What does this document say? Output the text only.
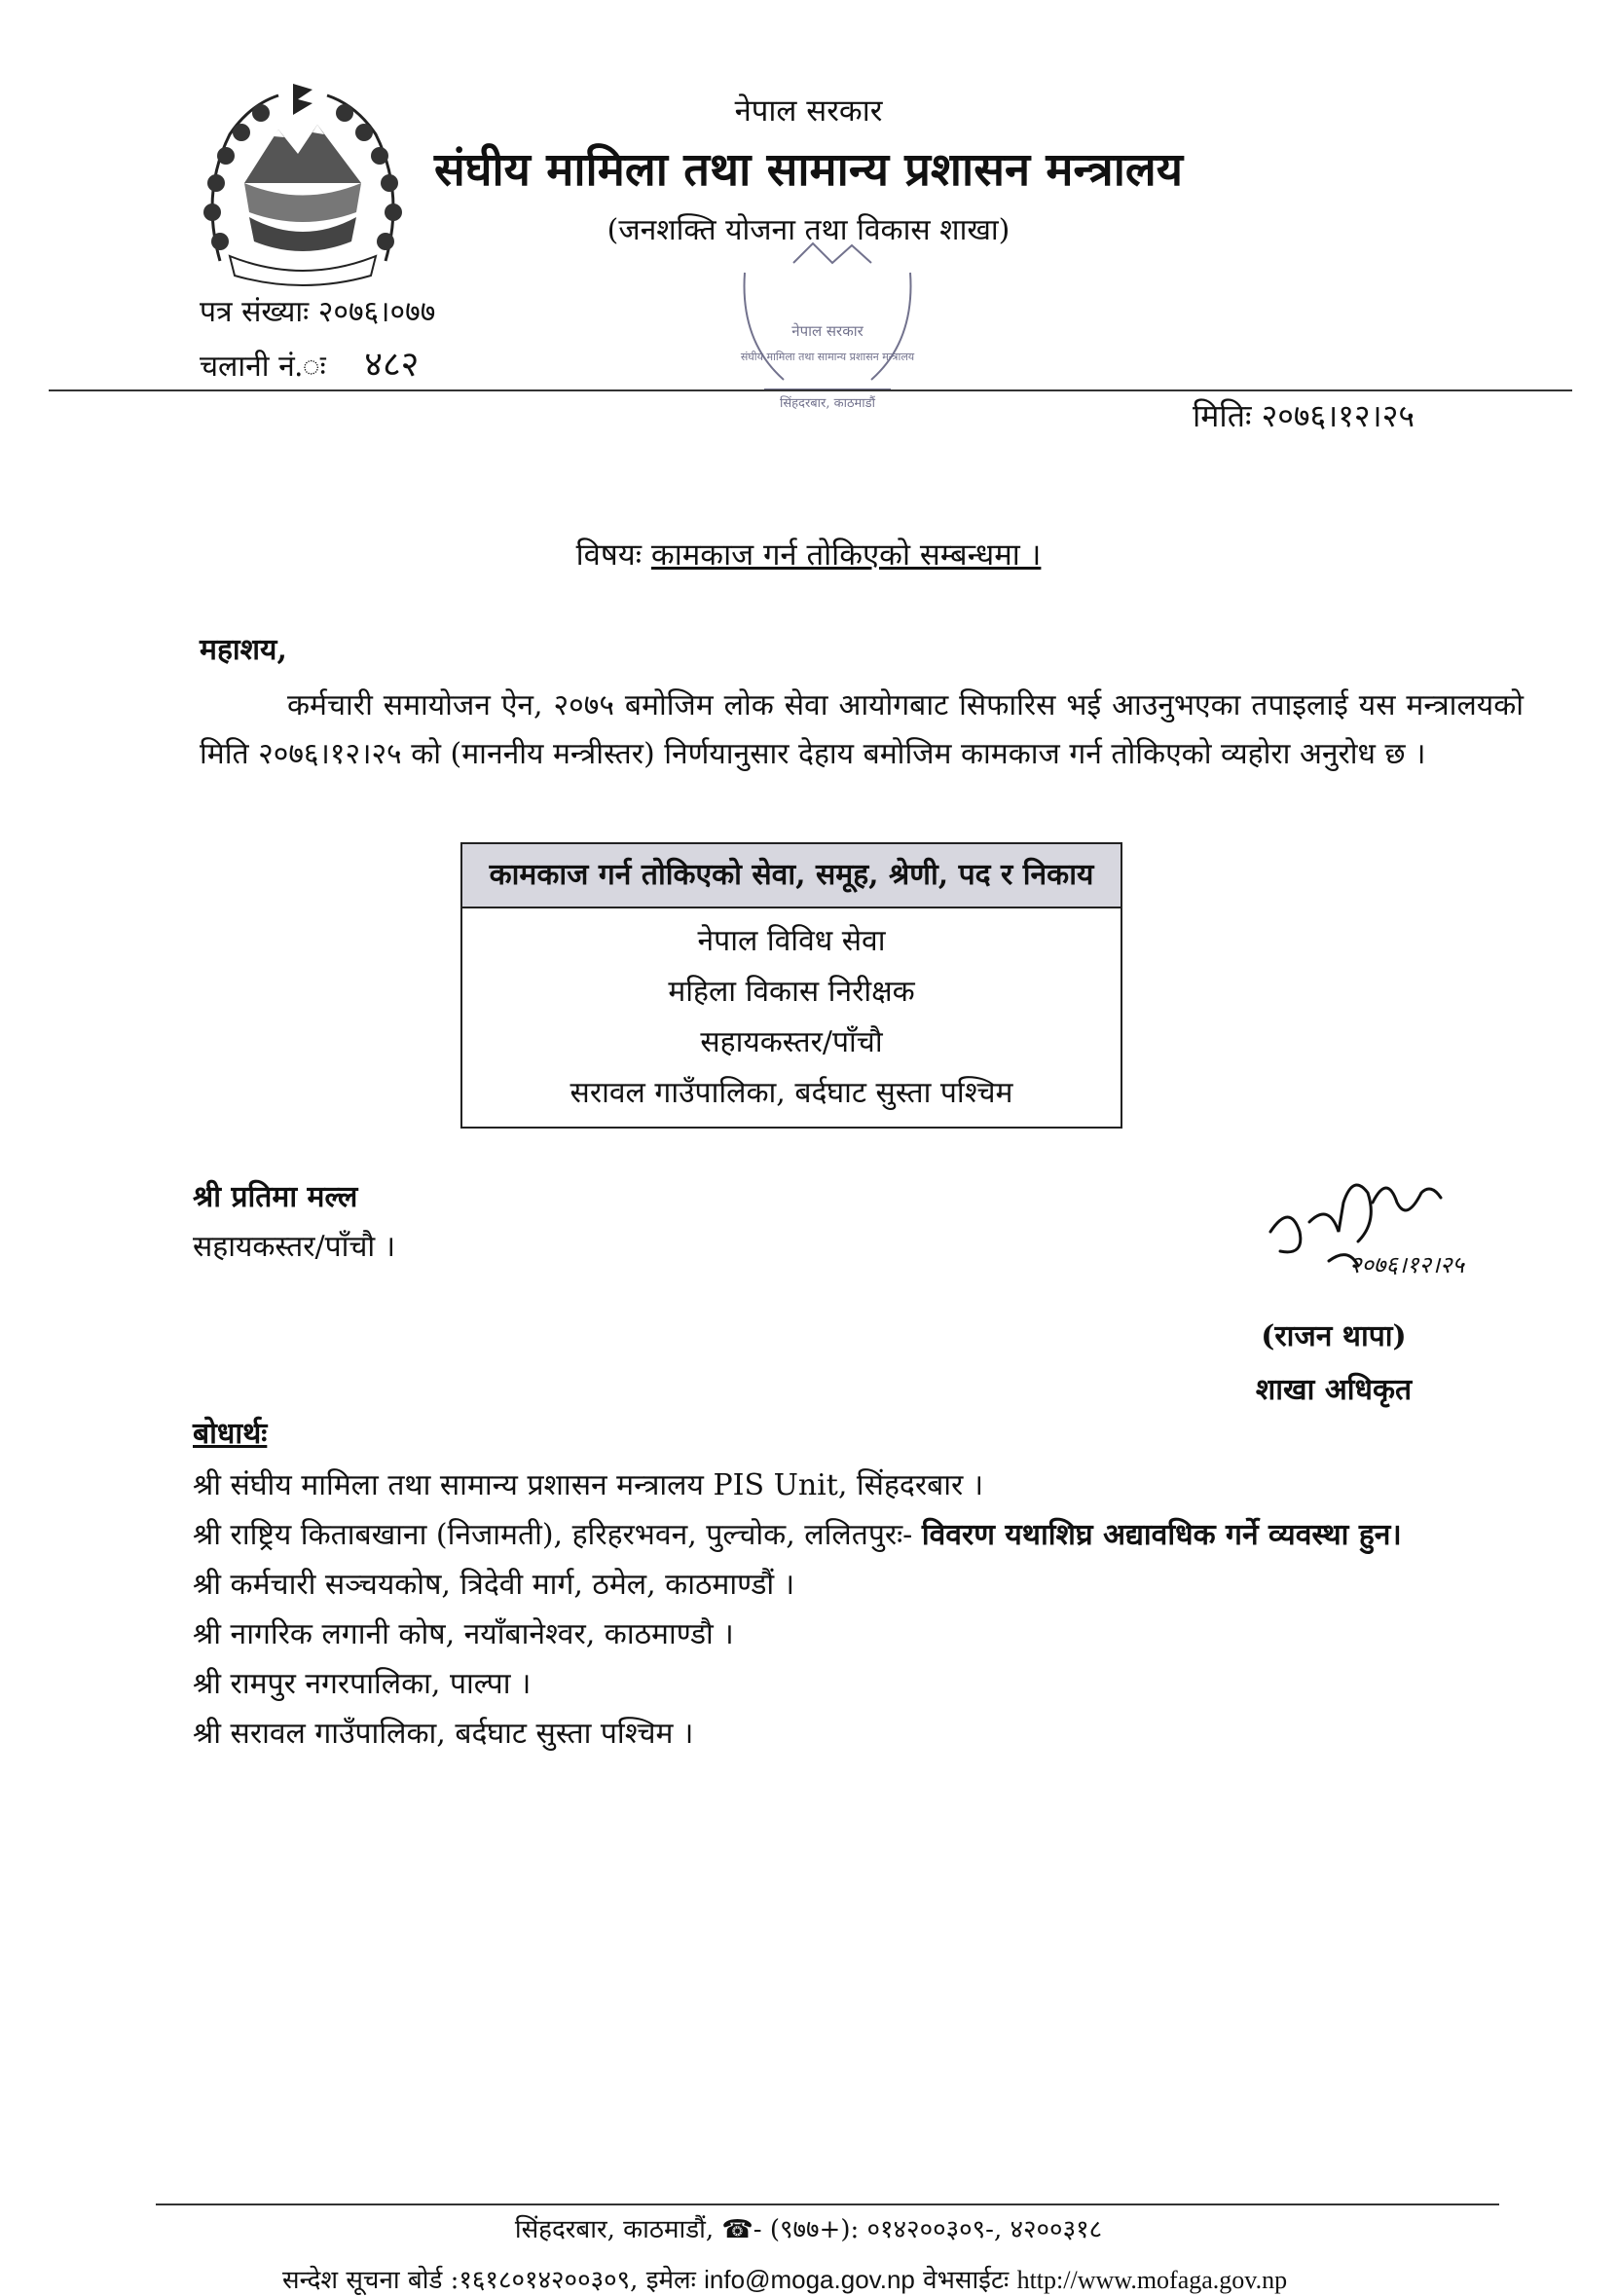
नेपाल सरकार
संघीय मामिला तथा सामान्य प्रशासन मन्त्रालय
(जनशक्ति योजना तथा विकास शाखा)
नेपाल सरकार
संघीय मामिला तथा सामान्य प्रशासन मन्त्रालय
सिंहदरबार, काठमाडौं
पत्र संख्याः २०७६।०७७
चलानी नं.ः ४८२
मितिः २०७६।१२।२५
विषयः कामकाज गर्न तोकिएको सम्बन्धमा ।
महाशय,
कर्मचारी समायोजन ऐन, २०७५ बमोजिम लोक सेवा आयोगबाट सिफारिस भई आउनुभएका तपाइलाई यस मन्त्रालयको मिति २०७६।१२।२५ को (माननीय मन्त्रीस्तर) निर्णयानुसार देहाय बमोजिम कामकाज गर्न तोकिएको व्यहोरा अनुरोध छ ।
कामकाज गर्न तोकिएको सेवा, समूह, श्रेणी, पद र निकाय
नेपाल विविध सेवा
महिला विकास निरीक्षक
सहायकस्तर/पाँचौ
सरावल गाउँपालिका, बर्दघाट सुस्ता पश्चिम
श्री प्रतिमा मल्ल
सहायकस्तर/पाँचौ ।
२०७६।१२।२५
(राजन थापा)
शाखा अधिकृत
बोधार्थः
श्री संघीय मामिला तथा सामान्य प्रशासन मन्त्रालय PIS Unit, सिंहदरबार ।
श्री राष्ट्रिय किताबखाना (निजामती), हरिहरभवन, पुल्चोक, ललितपुरः- विवरण यथाशिघ्र अद्यावधिक गर्ने व्यवस्था हुन।
श्री कर्मचारी सञ्चयकोष, त्रिदेवी मार्ग, ठमेल, काठमाण्डौं ।
श्री नागरिक लगानी कोष, नयाँबानेश्वर, काठमाण्डौ ।
श्री रामपुर नगरपालिका, पाल्पा ।
श्री सरावल गाउँपालिका, बर्दघाट सुस्ता पश्चिम ।
सिंहदरबार, काठमाडौं, ☎- (९७७+): ०१४२००३०९-, ४२००३१८
सन्देश सूचना बोर्ड :१६१८०१४२००३०९, इमेलः info@moga.gov.np वेभसाईटः http://www.mofaga.gov.np
